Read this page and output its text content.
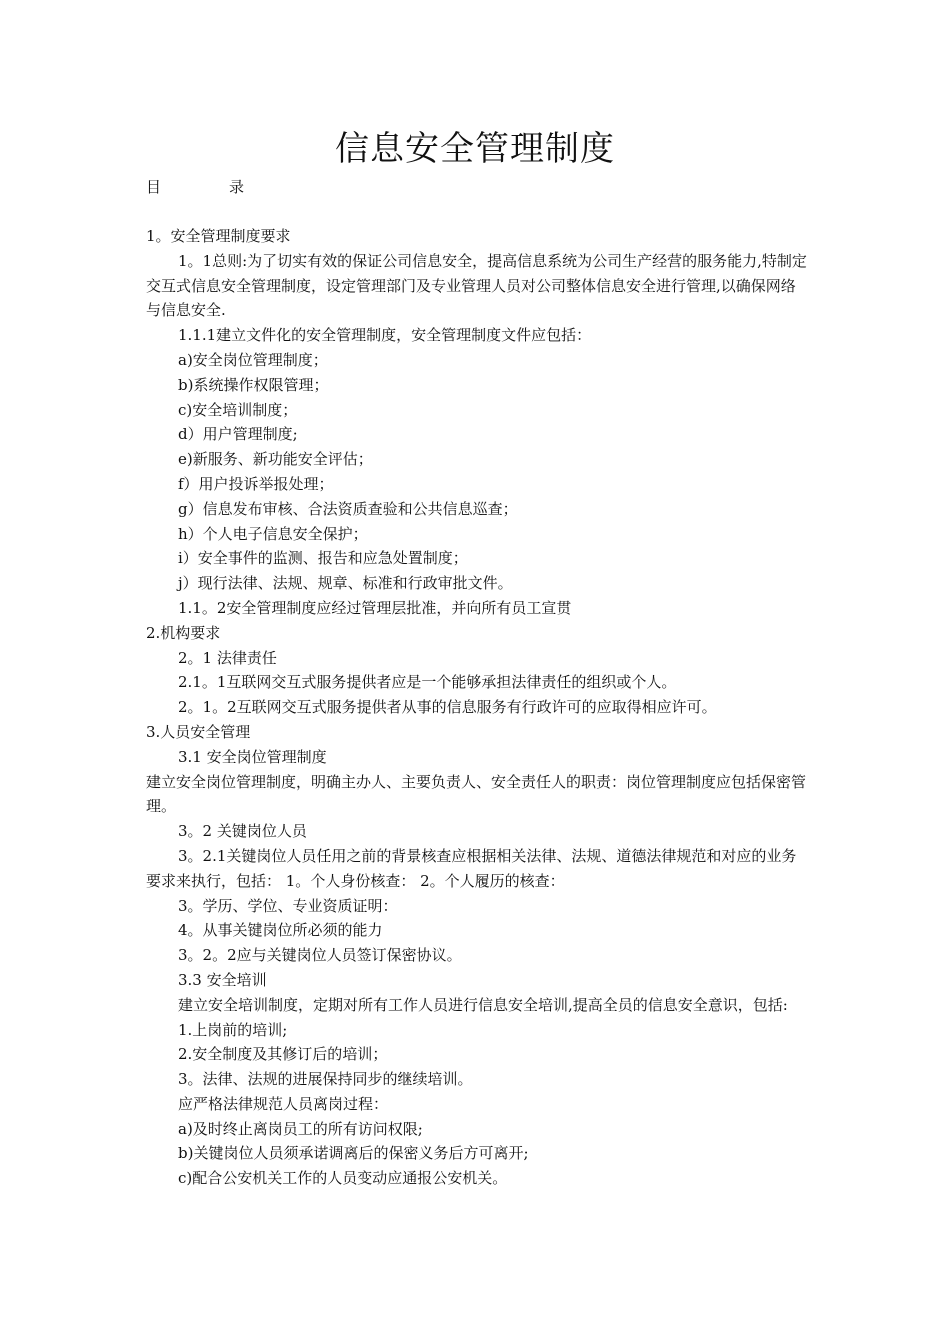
信息安全管理制度
目	录

1。安全管理制度要求

1。1总则:为了切实有效的保证公司信息安全，提高信息系统为公司生产经营的服务能力,特制定交互式信息安全管理制度，设定管理部门及专业管理人员对公司整体信息安全进行管理,以确保网络与信息安全.

1.1.1建立文件化的安全管理制度，安全管理制度文件应包括：

a)安全岗位管理制度；

b)系统操作权限管理；

c)安全培训制度；

d）用户管理制度;

e)新服务、新功能安全评估；

f）用户投诉举报处理；

g）信息发布审核、合法资质查验和公共信息巡查；

h）个人电子信息安全保护；

i）安全事件的监测、报告和应急处置制度；

j）现行法律、法规、规章、标准和行政审批文件。

1.1。2安全管理制度应经过管理层批准，并向所有员工宣贯

2.机构要求

2。1 法律责任

2.1。1互联网交互式服务提供者应是一个能够承担法律责任的组织或个人。

2。1。2互联网交互式服务提供者从事的信息服务有行政许可的应取得相应许可。

3.人员安全管理

3.1 安全岗位管理制度

建立安全岗位管理制度，明确主办人、主要负责人、安全责任人的职责：岗位管理制度应包括保密管理。

3。2 关键岗位人员

3。2.1关键岗位人员任用之前的背景核查应根据相关法律、法规、道德法律规范和对应的业务要求来执行，包括： 1。个人身份核查： 2。个人履历的核查：

3。学历、学位、专业资质证明：

4。从事关键岗位所必须的能力

3。2。2应与关键岗位人员签订保密协议。

3.3 安全培训

建立安全培训制度，定期对所有工作人员进行信息安全培训,提高全员的信息安全意识，包括:

1.上岗前的培训;

2.安全制度及其修订后的培训；

3。法律、法规的进展保持同步的继续培训。

应严格法律规范人员离岗过程：

a)及时终止离岗员工的所有访问权限;

b)关键岗位人员须承诺调离后的保密义务后方可离开;

c)配合公安机关工作的人员变动应通报公安机关。
